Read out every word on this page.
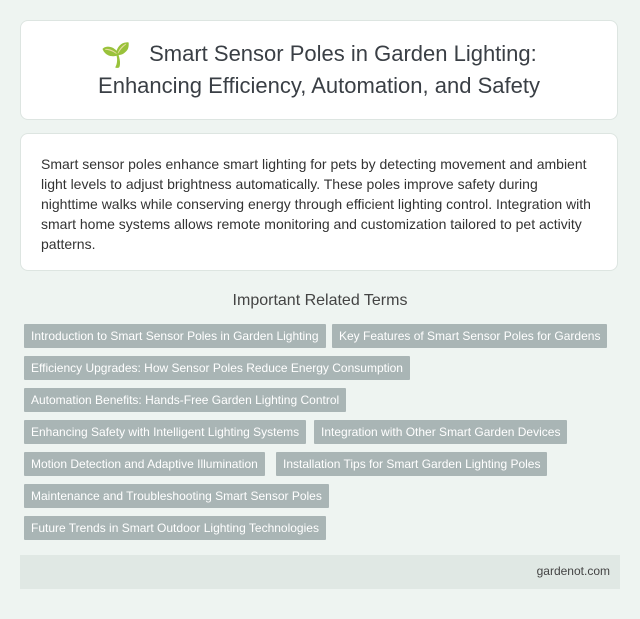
🌱 Smart Sensor Poles in Garden Lighting: Enhancing Efficiency, Automation, and Safety

Smart sensor poles enhance smart lighting for pets by detecting movement and ambient light levels to adjust brightness automatically. These poles improve safety during nighttime walks while conserving energy through efficient lighting control. Integration with smart home systems allows remote monitoring and customization tailored to pet activity patterns.

Important Related Terms
Introduction to Smart Sensor Poles in Garden Lighting	Key Features of Smart Sensor Poles for Gardens
Efficiency Upgrades: How Sensor Poles Reduce Energy Consumption
Automation Benefits: Hands-Free Garden Lighting Control
Enhancing Safety with Intelligent Lighting Systems	Integration with Other Smart Garden Devices
Motion Detection and Adaptive Illumination	Installation Tips for Smart Garden Lighting Poles
Maintenance and Troubleshooting Smart Sensor Poles
Future Trends in Smart Outdoor Lighting Technologies
gardenot.com
